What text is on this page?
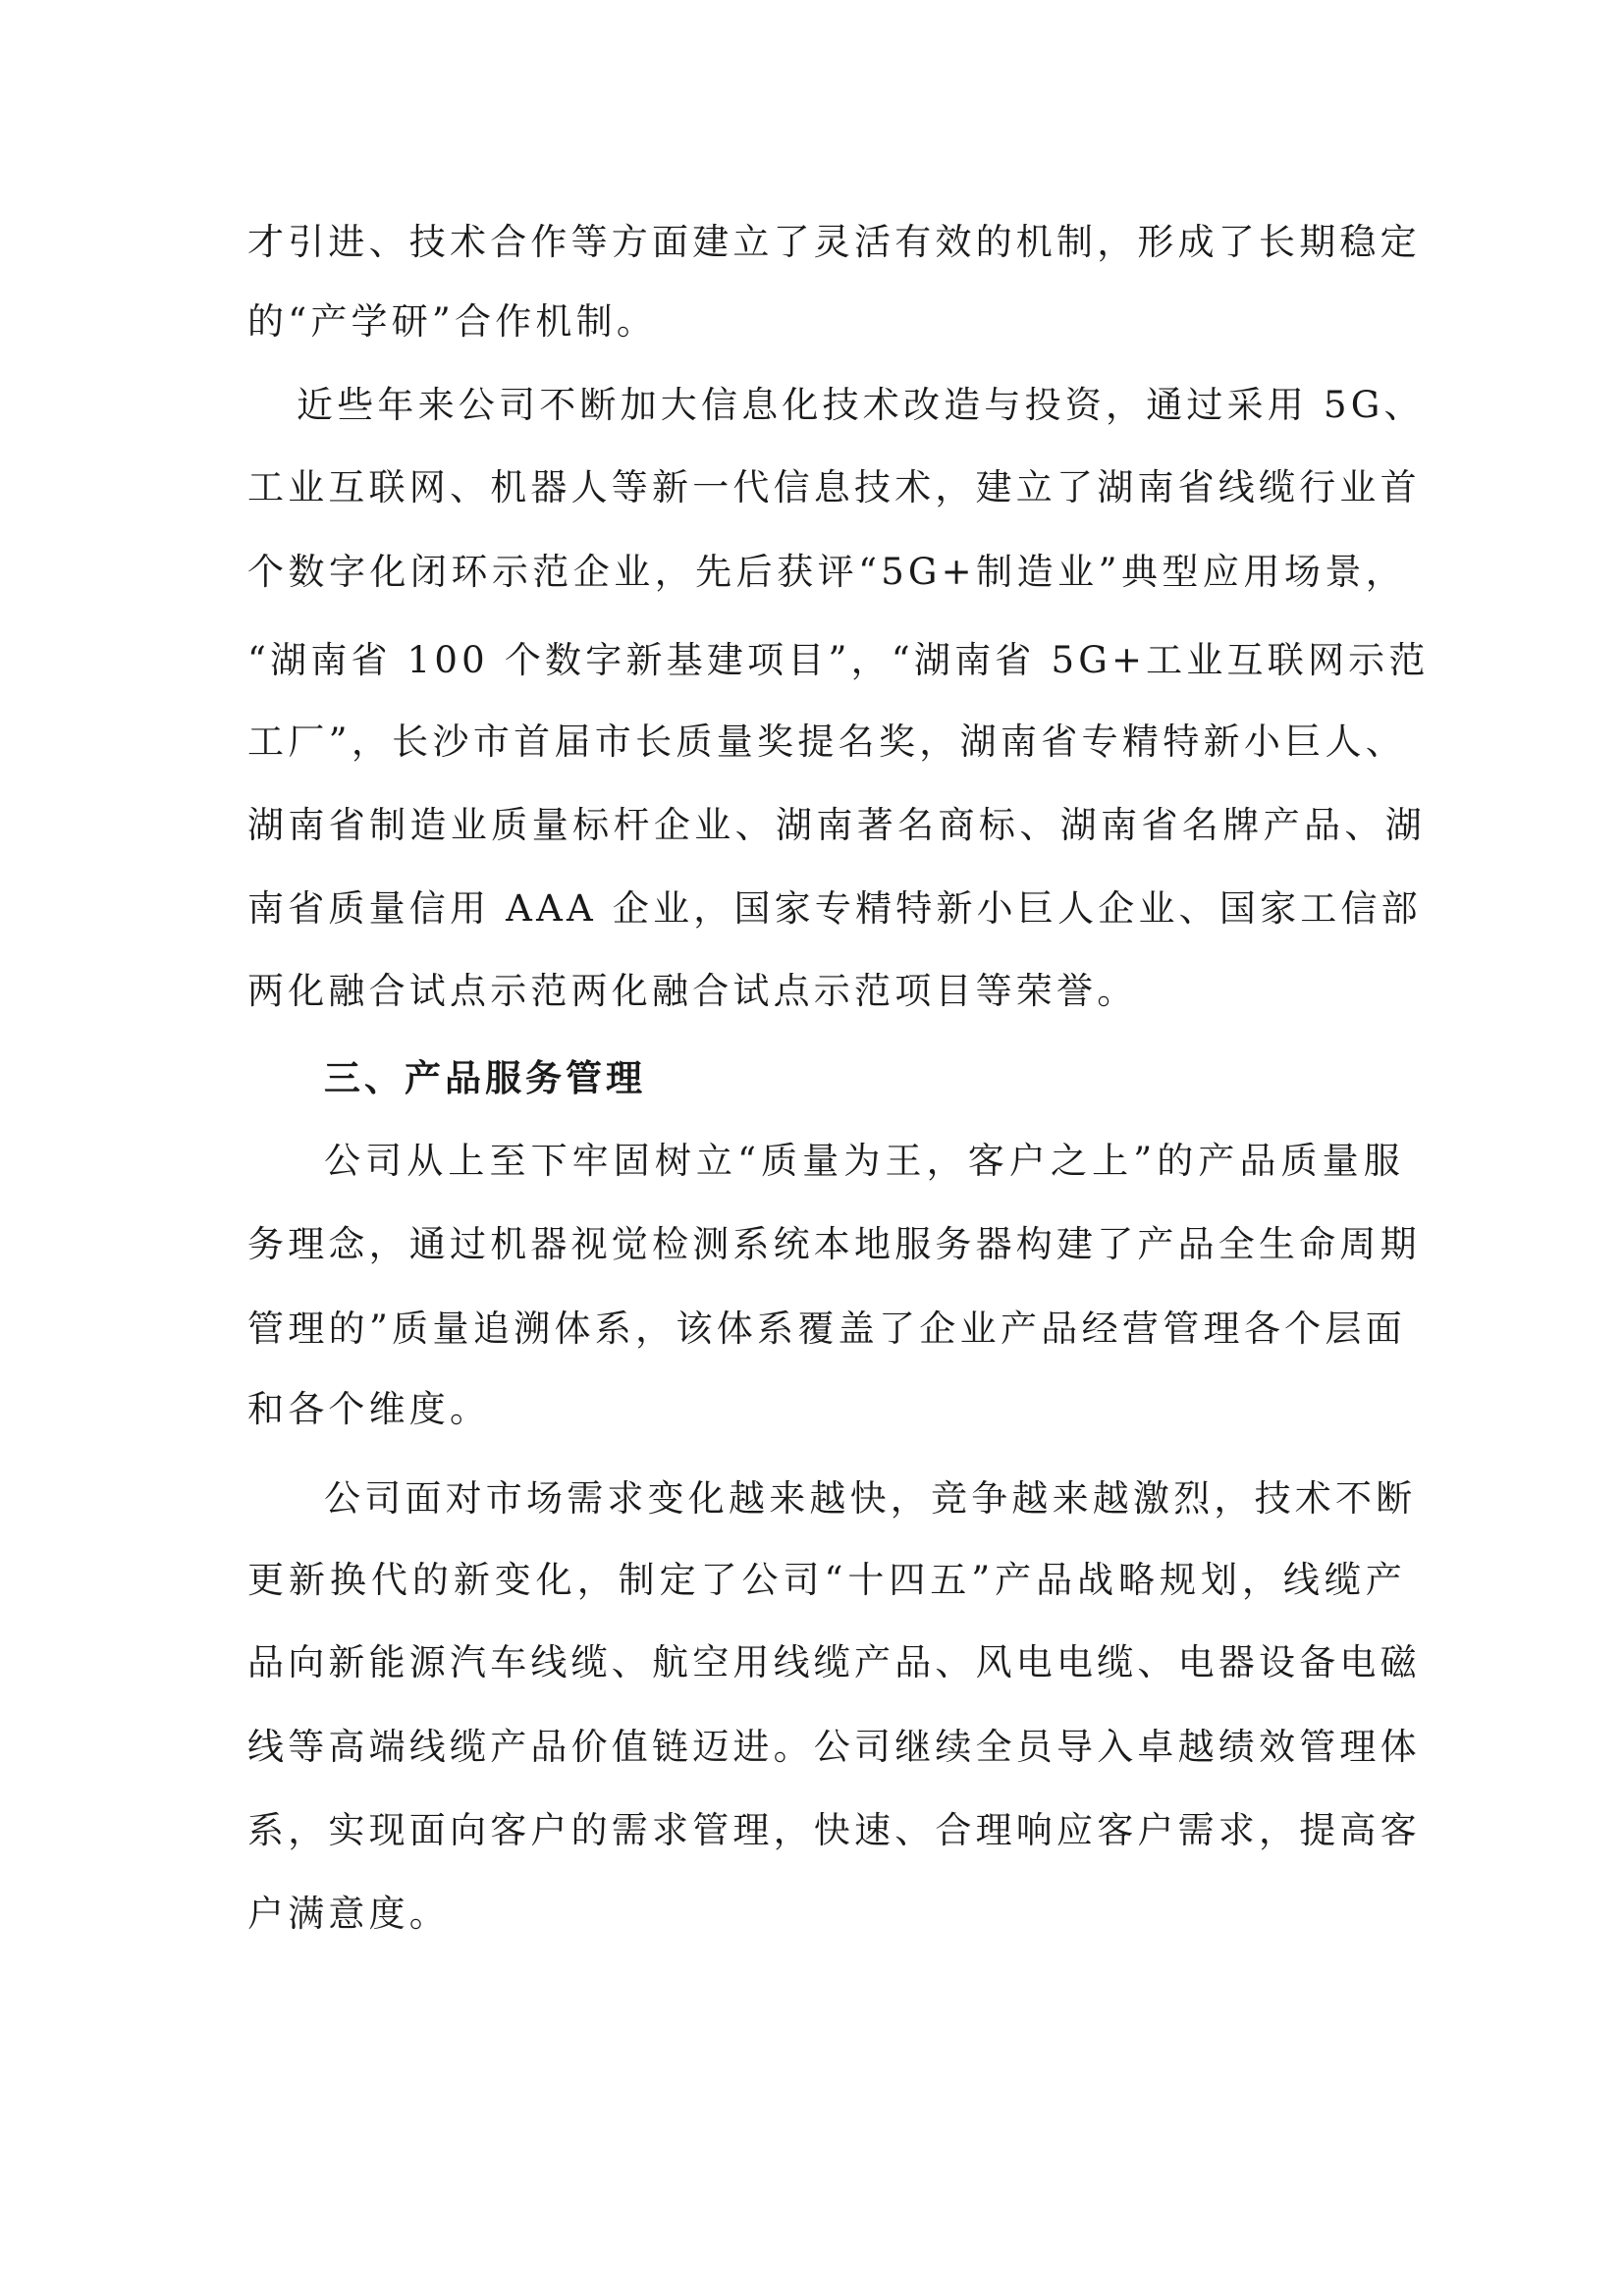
才引进、技术合作等方面建立了灵活有效的机制，形成了长期稳定
的“产学研”合作机制。
近些年来公司不断加大信息化技术改造与投资，通过采用 5G、
工业互联网、机器人等新一代信息技术，建立了湖南省线缆行业首
个数字化闭环示范企业，先后获评“5G+制造业”典型应用场景，
“湖南省 100 个数字新基建项目”，“湖南省 5G+工业互联网示范
工厂”，长沙市首届市长质量奖提名奖，湖南省专精特新小巨人、
湖南省制造业质量标杆企业、湖南著名商标、湖南省名牌产品、湖
南省质量信用 AAA 企业，国家专精特新小巨人企业、国家工信部
两化融合试点示范两化融合试点示范项目等荣誉。
三、产品服务管理
公司从上至下牢固树立“质量为王，客户之上”的产品质量服
务理念，通过机器视觉检测系统本地服务器构建了产品全生命周期
管理的”质量追溯体系，该体系覆盖了企业产品经营管理各个层面
和各个维度。
公司面对市场需求变化越来越快，竞争越来越激烈，技术不断
更新换代的新变化，制定了公司“十四五”产品战略规划，线缆产
品向新能源汽车线缆、航空用线缆产品、风电电缆、电器设备电磁
线等高端线缆产品价值链迈进。公司继续全员导入卓越绩效管理体
系，实现面向客户的需求管理，快速、合理响应客户需求，提高客
户满意度。
